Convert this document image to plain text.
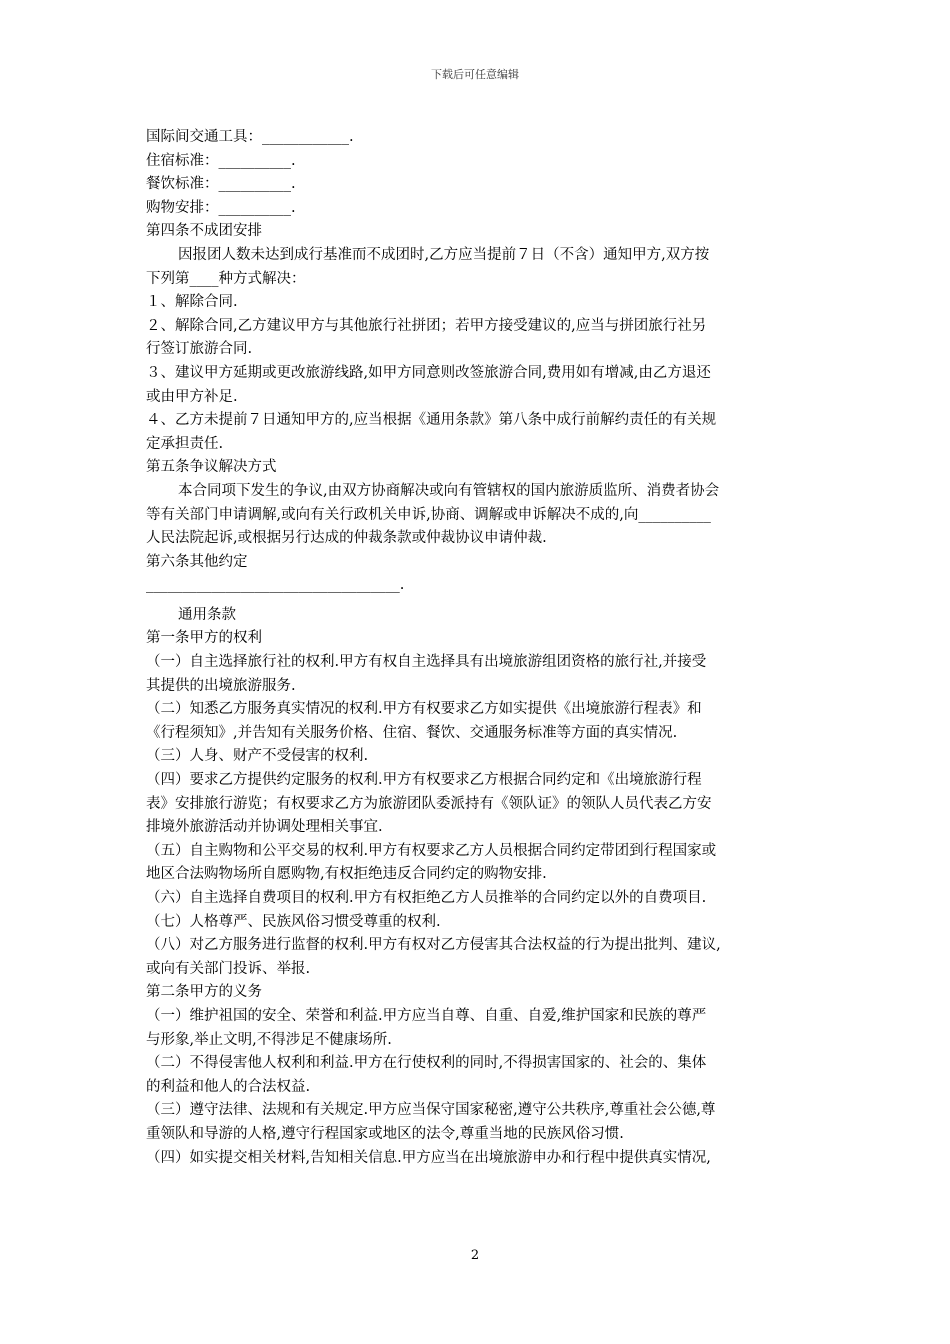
下载后可任意编辑

国际间交通工具：____________.

住宿标准：__________.

餐饮标准：__________.

购物安排：__________.

第四条不成团安排

因报团人数未达到成行基准而不成团时,乙方应当提前７日（不含）通知甲方,双方按

下列第____种方式解决：

１、解除合同.

２、解除合同,乙方建议甲方与其他旅行社拼团；若甲方接受建议的,应当与拼团旅行社另

行签订旅游合同.

３、建议甲方延期或更改旅游线路,如甲方同意则改签旅游合同,费用如有增减,由乙方退还

或由甲方补足.

４、乙方未提前７日通知甲方的,应当根据《通用条款》第八条中成行前解约责任的有关规

定承担责任.

第五条争议解决方式

本合同项下发生的争议,由双方协商解决或向有管辖权的国内旅游质监所、消费者协会

等有关部门申请调解,或向有关行政机关申诉,协商、调解或申诉解决不成的,向__________

人民法院起诉,或根据另行达成的仲裁条款或仲裁协议申请仲裁.

第六条其他约定

___________________________________.

通用条款

第一条甲方的权利

（一）自主选择旅行社的权利.甲方有权自主选择具有出境旅游组团资格的旅行社,并接受

其提供的出境旅游服务.

（二）知悉乙方服务真实情况的权利.甲方有权要求乙方如实提供《出境旅游行程表》和

《行程须知》,并告知有关服务价格、住宿、餐饮、交通服务标准等方面的真实情况.

（三）人身、财产不受侵害的权利.

（四）要求乙方提供约定服务的权利.甲方有权要求乙方根据合同约定和《出境旅游行程

表》安排旅行游览；有权要求乙方为旅游团队委派持有《领队证》的领队人员代表乙方安

排境外旅游活动并协调处理相关事宜.

（五）自主购物和公平交易的权利.甲方有权要求乙方人员根据合同约定带团到行程国家或

地区合法购物场所自愿购物,有权拒绝违反合同约定的购物安排.

（六）自主选择自费项目的权利.甲方有权拒绝乙方人员推举的合同约定以外的自费项目.

（七）人格尊严、民族风俗习惯受尊重的权利.

（八）对乙方服务进行监督的权利.甲方有权对乙方侵害其合法权益的行为提出批判、建议,

或向有关部门投诉、举报.

第二条甲方的义务

（一）维护祖国的安全、荣誉和利益.甲方应当自尊、自重、自爱,维护国家和民族的尊严

与形象,举止文明,不得涉足不健康场所.

（二）不得侵害他人权利和利益.甲方在行使权利的同时,不得损害国家的、社会的、集体

的利益和他人的合法权益.

（三）遵守法律、法规和有关规定.甲方应当保守国家秘密,遵守公共秩序,尊重社会公德,尊

重领队和导游的人格,遵守行程国家或地区的法令,尊重当地的民族风俗习惯.

（四）如实提交相关材料,告知相关信息.甲方应当在出境旅游申办和行程中提供真实情况,

2
